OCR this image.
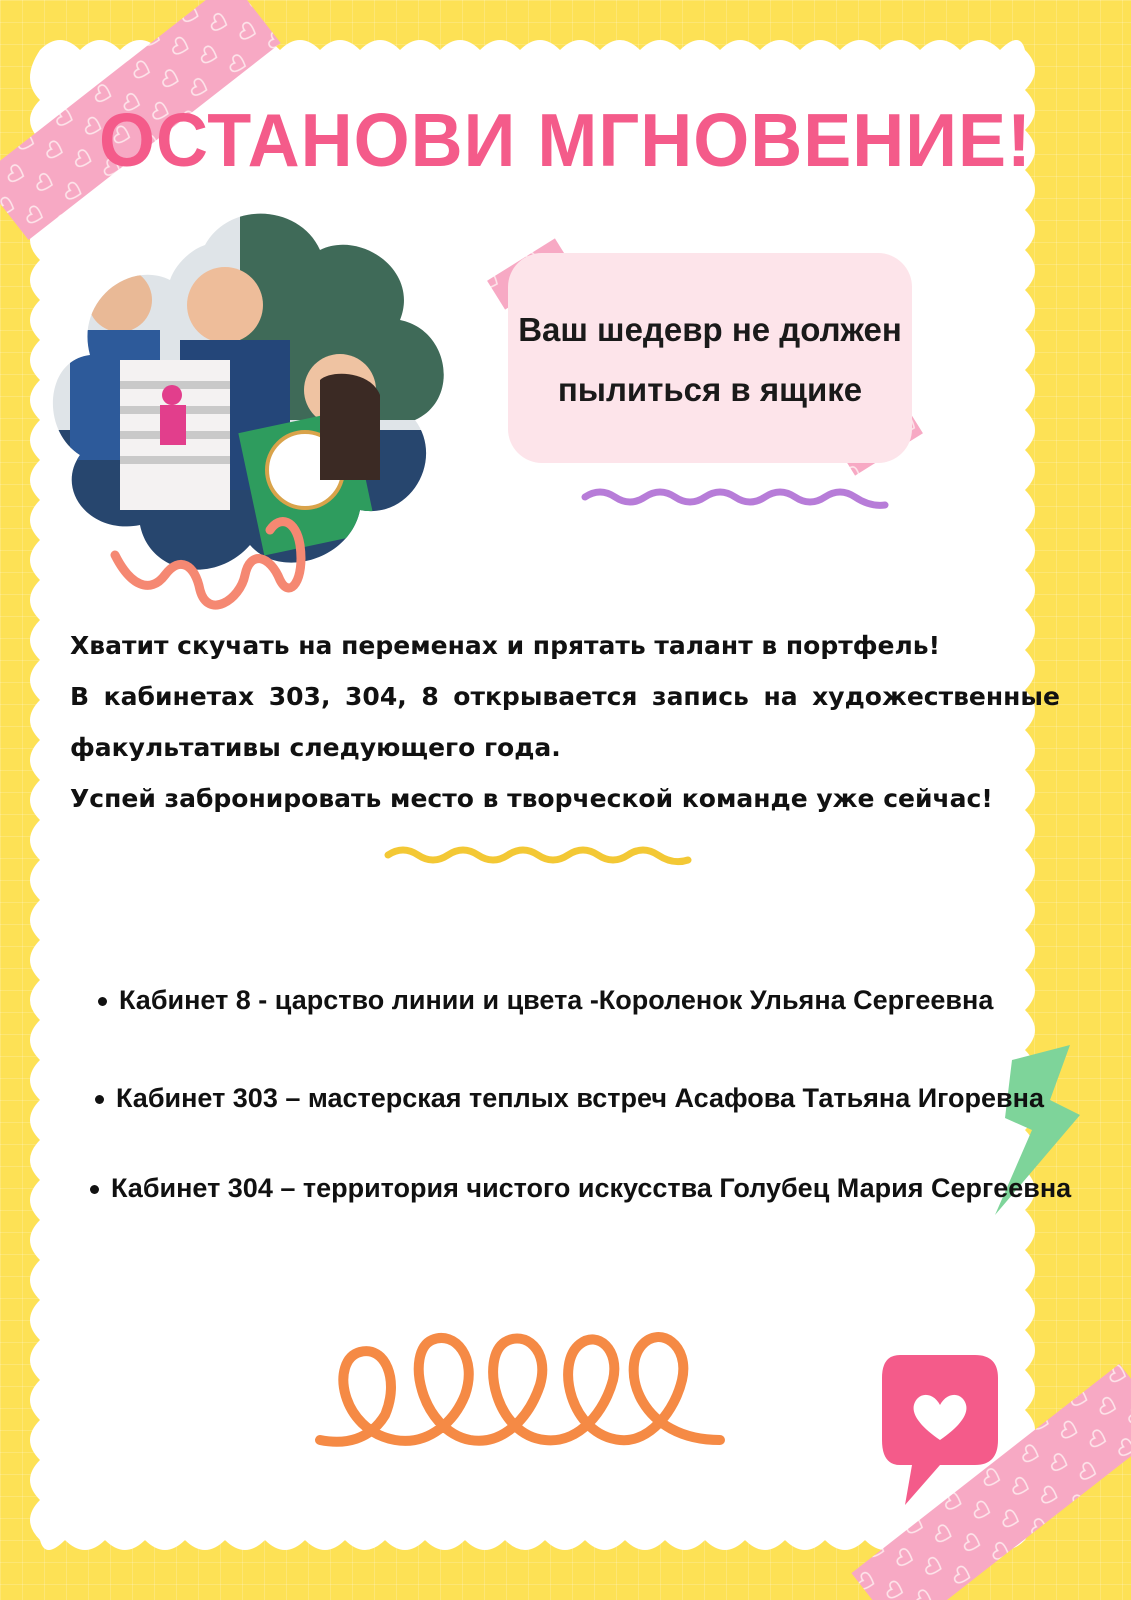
ОСТАНОВИ МГНОВЕНИЕ!
Ваш шедевр не должен
пылиться в ящике

Хватит скучать на переменах и прятать талант в портфель!

В кабинетах 303, 304, 8 открывается запись на художественные факультативы следующего года.

Успей забронировать место в творческой команде уже сейчас!

Кабинет 8 - царство линии и цвета -Короленок Ульяна Сергеевна
Кабинет 303 – мастерская теплых встреч Асафова Татьяна Игоревна
Кабинет 304 – территория чистого искусства Голубец Мария Сергеевна
